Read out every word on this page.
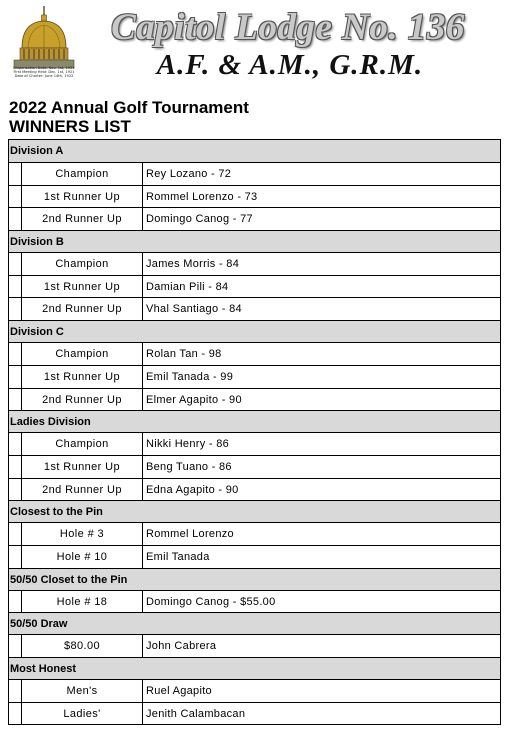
Dispensation Date: Nov. 1st, 1921
First Meeting Held: Dec. 1st, 1921
Date of Charter: June 14th, 1922
Capitol Lodge No. 136
A.F. & A.M., G.R.M.
2022 Annual Golf Tournament
WINNERS LIST
Division A
Champion	Rey Lozano - 72
1st Runner Up	Rommel Lorenzo - 73
2nd Runner Up	Domingo Canog - 77
Division B
Champion	James Morris - 84
1st Runner Up	Damian Pili - 84
2nd Runner Up	Vhal Santiago - 84
Division C
Champion	Rolan Tan - 98
1st Runner Up	Emil Tanada - 99
2nd Runner Up	Elmer Agapito - 90
Ladies Division
Champion	Nikki Henry - 86
1st Runner Up	Beng Tuano - 86
2nd Runner Up	Edna Agapito - 90
Closest to the Pin
Hole # 3	Rommel Lorenzo
Hole # 10	Emil Tanada
50/50 Closet to the Pin
Hole # 18	Domingo Canog - $55.00
50/50 Draw
$80.00	John Cabrera
Most Honest
Men's	Ruel Agapito
Ladies'	Jenith Calambacan
